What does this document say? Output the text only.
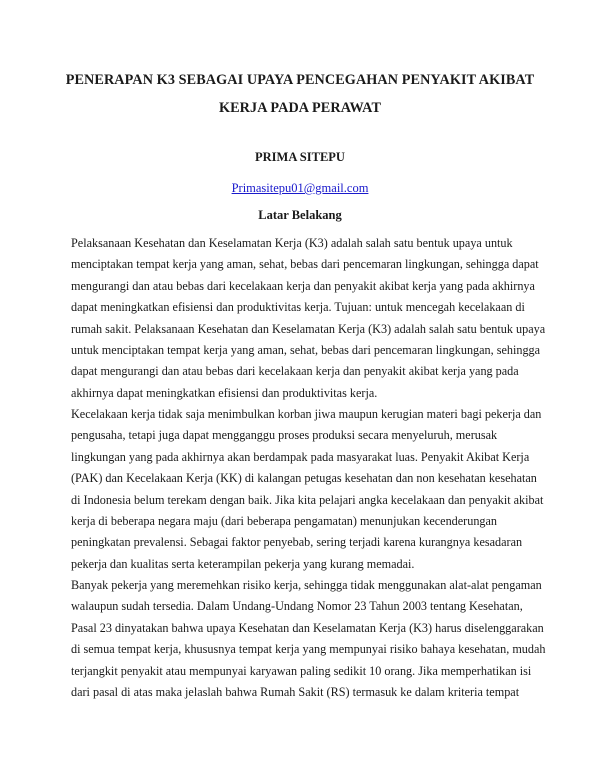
PENERAPAN K3 SEBAGAI UPAYA PENCEGAHAN PENYAKIT AKIBAT
KERJA PADA PERAWAT
PRIMA SITEPU
Primasitepu01@gmail.com
Latar Belakang
Pelaksanaan Kesehatan dan Keselamatan Kerja (K3) adalah salah satu bentuk upaya untuk
menciptakan tempat kerja yang aman, sehat, bebas dari pencemaran lingkungan, sehingga dapat
mengurangi dan atau bebas dari kecelakaan kerja dan penyakit akibat kerja yang pada akhirnya
dapat meningkatkan efisiensi dan produktivitas kerja. Tujuan: untuk mencegah kecelakaan di
rumah sakit. Pelaksanaan Kesehatan dan Keselamatan Kerja (K3) adalah salah satu bentuk upaya
untuk menciptakan tempat kerja yang aman, sehat, bebas dari pencemaran lingkungan, sehingga
dapat mengurangi dan atau bebas dari kecelakaan kerja dan penyakit akibat kerja yang pada
akhirnya dapat meningkatkan efisiensi dan produktivitas kerja.
Kecelakaan kerja tidak saja menimbulkan korban jiwa maupun kerugian materi bagi pekerja dan
pengusaha, tetapi juga dapat mengganggu proses produksi secara menyeluruh, merusak
lingkungan yang pada akhirnya akan berdampak pada masyarakat luas. Penyakit Akibat Kerja
(PAK) dan Kecelakaan Kerja (KK) di kalangan petugas kesehatan dan non kesehatan kesehatan
di Indonesia belum terekam dengan baik. Jika kita pelajari angka kecelakaan dan penyakit akibat
kerja di beberapa negara maju (dari beberapa pengamatan) menunjukan kecenderungan
peningkatan prevalensi. Sebagai faktor penyebab, sering terjadi karena kurangnya kesadaran
pekerja dan kualitas serta keterampilan pekerja yang kurang memadai.
Banyak pekerja yang meremehkan risiko kerja, sehingga tidak menggunakan alat-alat pengaman
walaupun sudah tersedia. Dalam Undang-Undang Nomor 23 Tahun 2003 tentang Kesehatan,
Pasal 23 dinyatakan bahwa upaya Kesehatan dan Keselamatan Kerja (K3) harus diselenggarakan
di semua tempat kerja, khususnya tempat kerja yang mempunyai risiko bahaya kesehatan, mudah
terjangkit penyakit atau mempunyai karyawan paling sedikit 10 orang. Jika memperhatikan isi
dari pasal di atas maka jelaslah bahwa Rumah Sakit (RS) termasuk ke dalam kriteria tempat
